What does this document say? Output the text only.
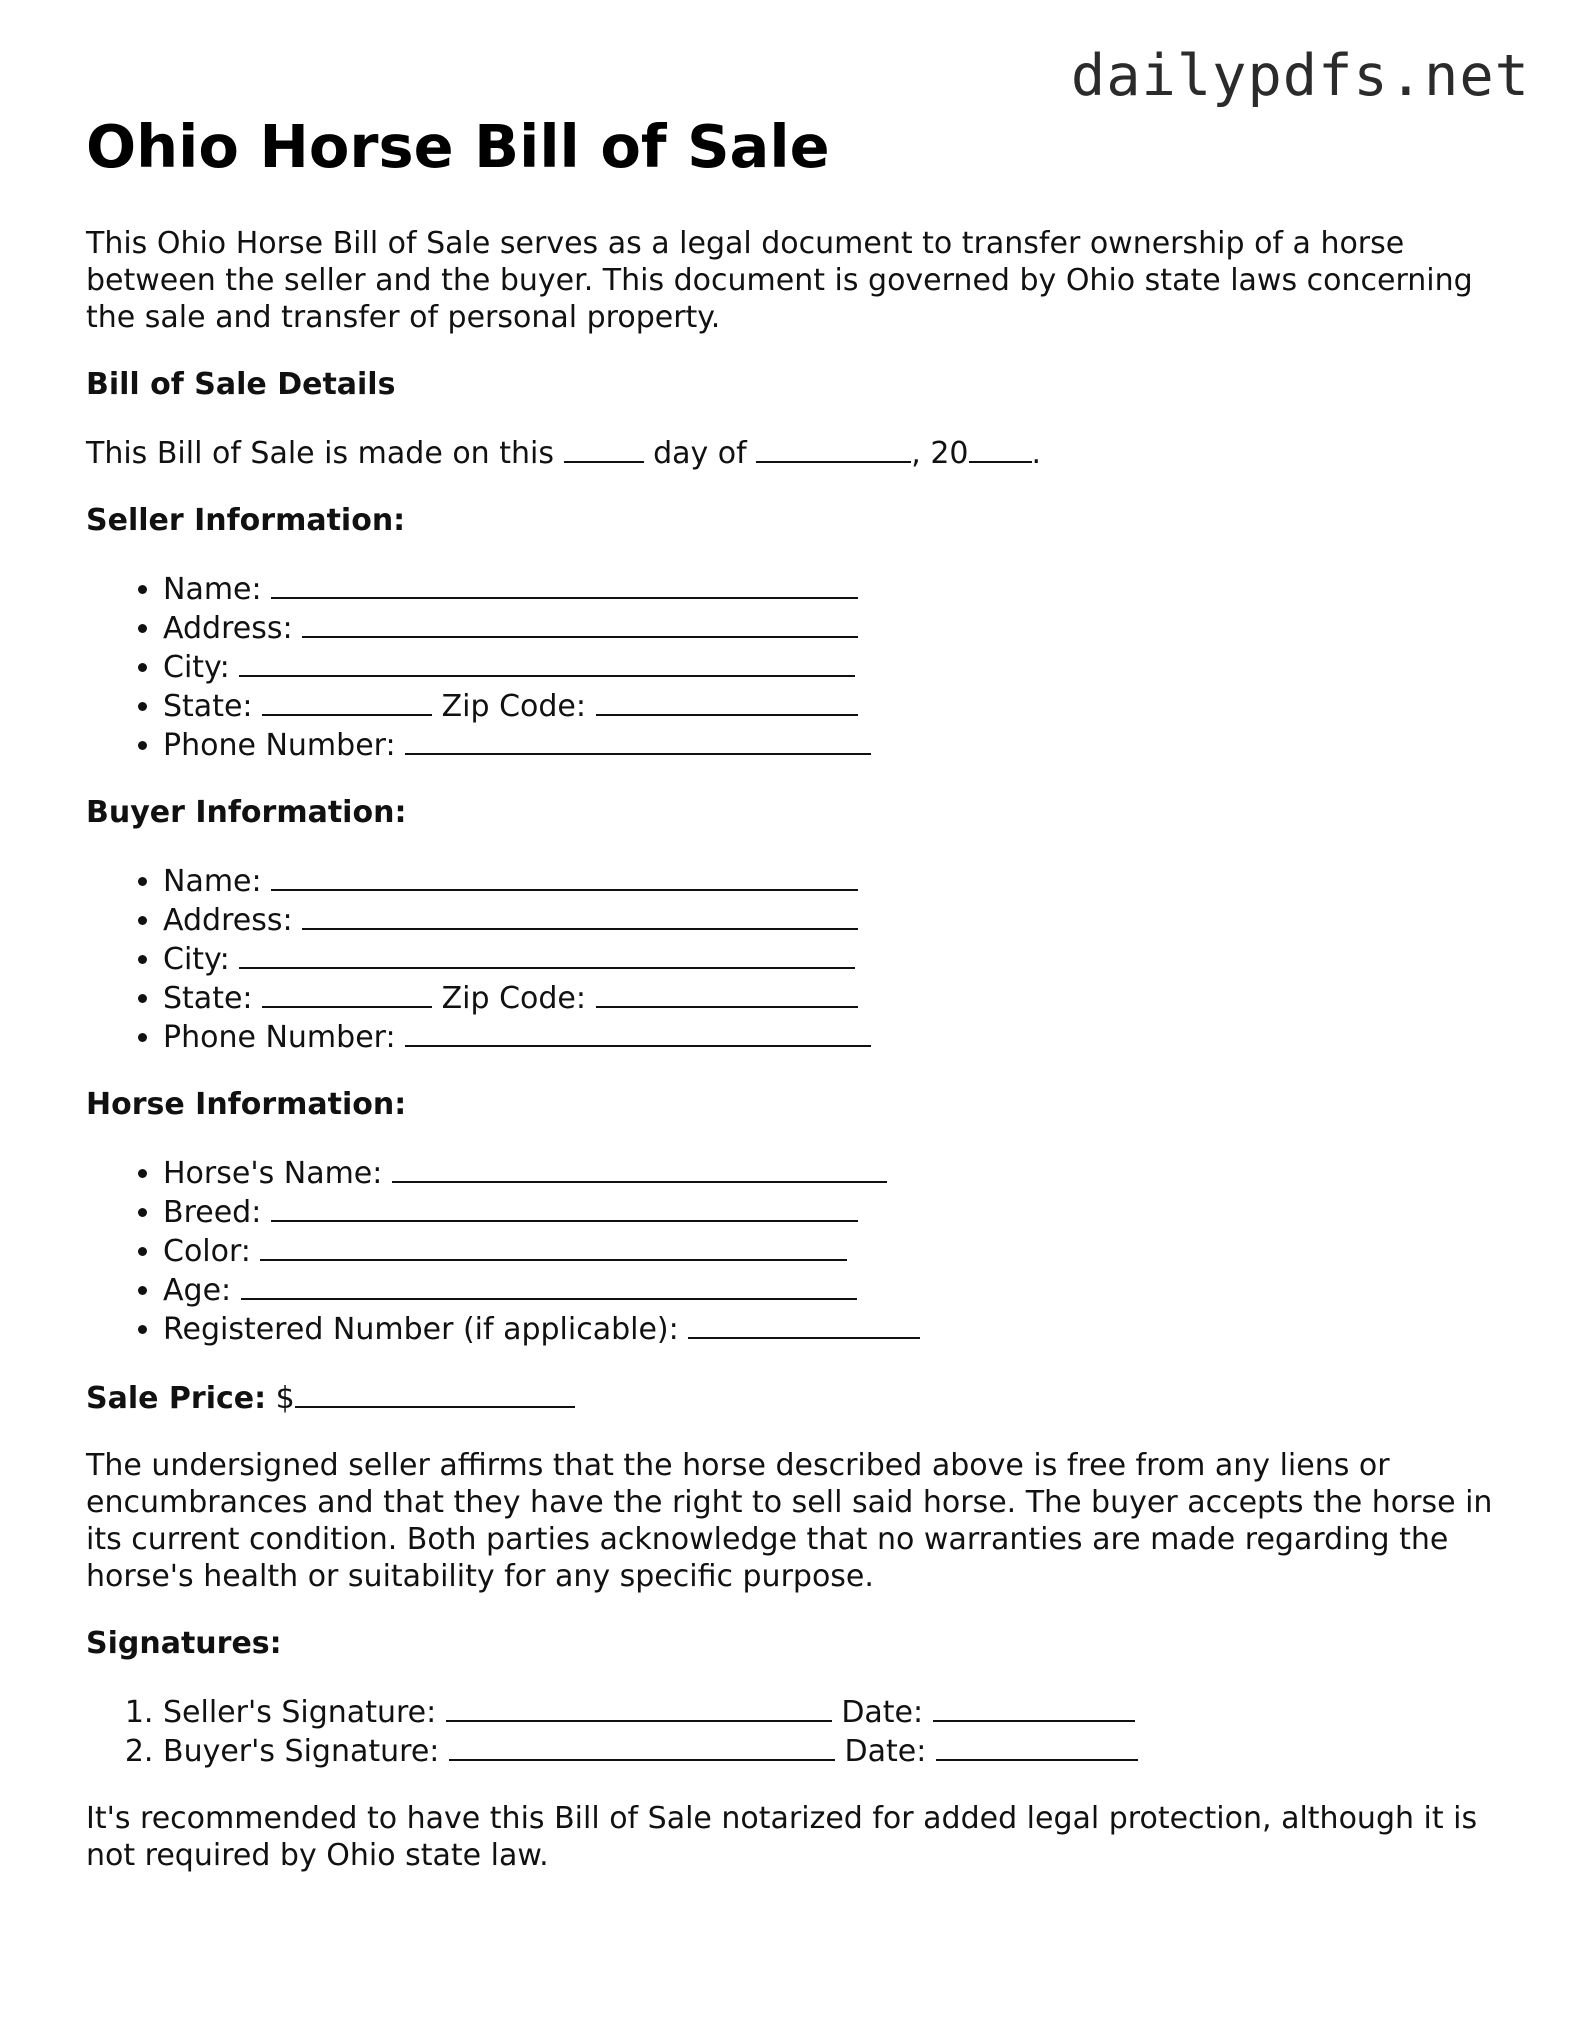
dailypdfs.net
Ohio Horse Bill of Sale

This Ohio Horse Bill of Sale serves as a legal document to transfer ownership of a horse between the seller and the buyer. This document is governed by Ohio state laws concerning the sale and transfer of personal property.

Bill of Sale Details

This Bill of Sale is made on this	day of	, 20 .

Seller Information:
• Name:
• Address:
• City:
• State:	Zip Code:
• Phone Number:
Buyer Information:
• Name:
• Address:
• City:
• State:	Zip Code:
• Phone Number:
Horse Information:
• Horse's Name:
• Breed:
• Color:
• Age:
• Registered Number (if applicable):

Sale Price: $

The undersigned seller affirms that the horse described above is free from any liens or encumbrances and that they have the right to sell said horse. The buyer accepts the horse in its current condition. Both parties acknowledge that no warranties are made regarding the horse's health or suitability for any specific purpose.

Signatures:
1. Seller's Signature:	Date:
2. Buyer's Signature:	Date:

It's recommended to have this Bill of Sale notarized for added legal protection, although it is not required by Ohio state law.
